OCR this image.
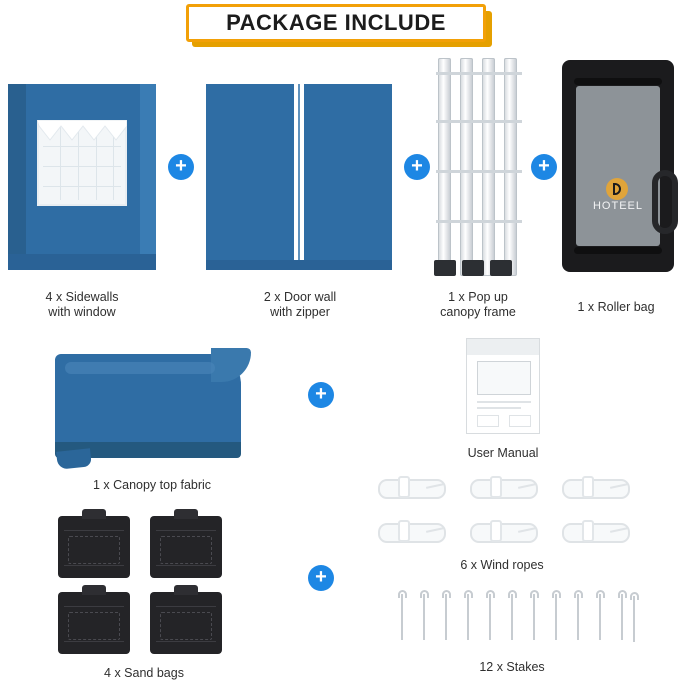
PACKAGE INCLUDE
+	+	+
HOTEEL
4 x Sidewalls
with window
2 x Door wall
with zipper
1 x Pop up
canopy frame	1 x Roller bag
1 x Canopy top fabric
+
User Manual
4 x Sand bags
+
6 x Wind ropes
12 x Stakes
